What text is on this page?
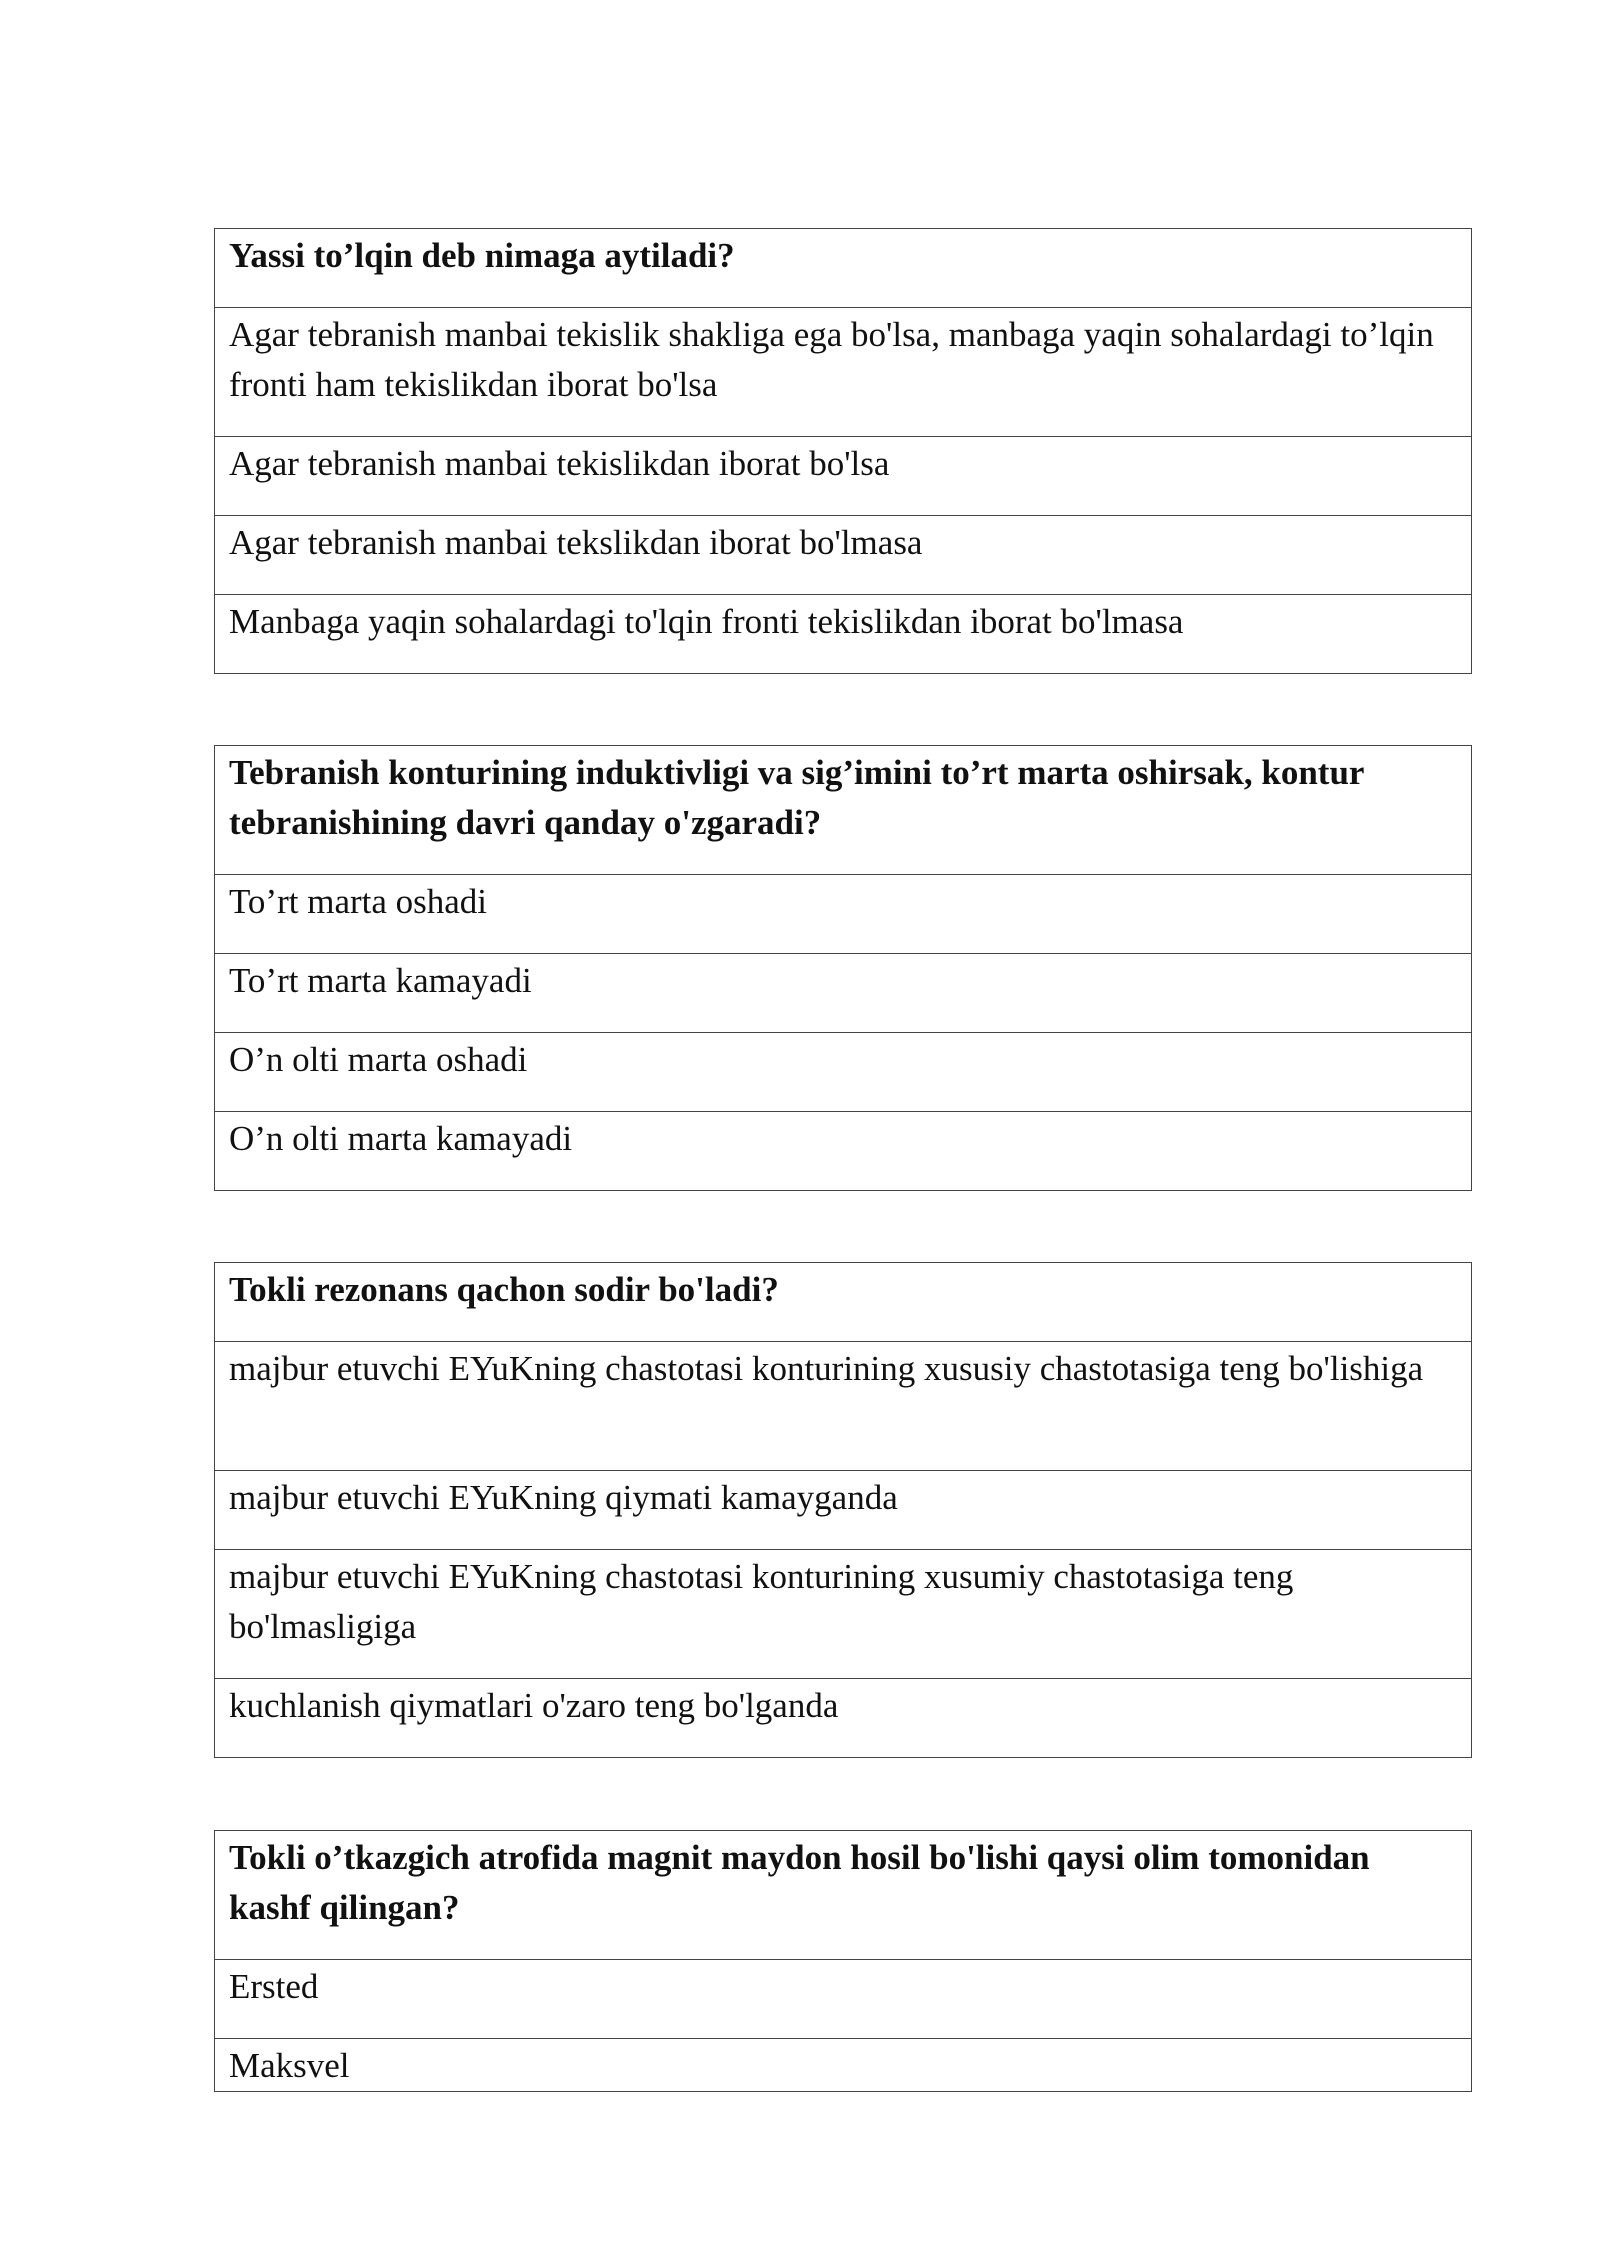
Yassi to’lqin deb nimaga aytiladi?
Agar tebranish manbai tekislik shakliga ega bo'lsa, manbaga yaqin sohalardagi to’lqin fronti ham tekislikdan iborat bo'lsa
Agar tebranish manbai tekislikdan iborat bo'lsa
Agar tebranish manbai tekslikdan iborat bo'lmasa
Manbaga yaqin sohalardagi to'lqin fronti tekislikdan iborat bo'lmasa
Tebranish konturining induktivligi va sig’imini to’rt marta oshirsak, kontur tebranishining davri qanday o'zgaradi?
To’rt marta oshadi
To’rt marta kamayadi
O’n olti marta oshadi
O’n olti marta kamayadi
Tokli rezonans qachon sodir bo'ladi?
majbur etuvchi EYuKning chastotasi konturining xususiy chastotasiga teng bo'lishiga
majbur etuvchi EYuKning qiymati kamayganda
majbur etuvchi EYuKning chastotasi konturining xusumiy chastotasiga teng bo'lmasligiga
kuchlanish qiymatlari o'zaro teng bo'lganda
Tokli o’tkazgich atrofida magnit maydon hosil bo'lishi qaysi olim tomonidan kashf qilingan?
Ersted
Maksvel
